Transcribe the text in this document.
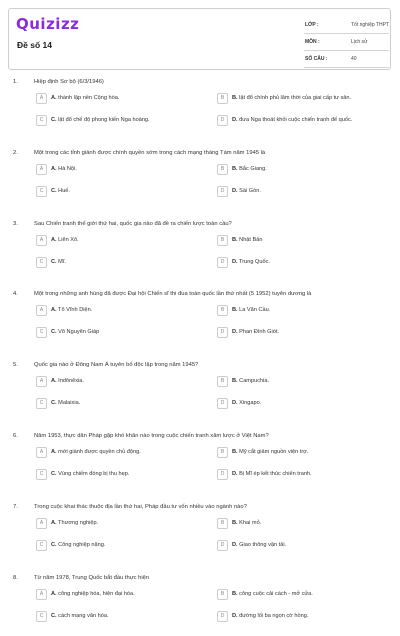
Quizizz
Đề số 14
LỚP :	Tốt nghiệp THPT
MÔN :	Lịch sử
SỐ CÂU :	40
1.	Hiệp định Sơ bộ (6/3/1946)
A	A. thành lập nền Cộng hòa.	B	B. lật đổ chính phủ lâm thời của giai cấp tư sản.
C	C. lật đổ chế độ phong kiến Nga hoàng.	D	D. đưa Nga thoát khỏi cuộc chiến tranh đế quốc.
2.	Một trong các tỉnh giành được chính quyền sớm trong cách mạng tháng Tám năm 1945 là
A	A. Hà Nội.	B	B. Bắc Giang.
C	C. Huế.	D	D. Sài Gòn.
3.	Sau Chiến tranh thế giới thứ hai, quốc gia nào đã đề ra chiến lược toàn cầu?
A	A. Liên Xô.	B	B. Nhật Bản
C	C. Mĩ.	D	D. Trung Quốc.
4.	Một trong những anh hùng đã được Đại hội Chiến sĩ thi đua toàn quốc lần thứ nhất (5 1952) tuyên dương là
A	A. Tô Vĩnh Diện.	B	B. La Văn Cầu.
C	C. Võ Nguyên Giáp	D	D. Phan Đình Giót.
5.	Quốc gia nào ở Đông Nam Á tuyên bố độc lập trong năm 1945?
A	A. Indônêxia.	B	B. Campuchia.
C	C. Malaixia.	D	D. Xingapo.
6.	Năm 1953, thực dân Pháp gặp khó khăn nào trong cuộc chiến tranh xâm lược ở Việt Nam?
A	A. mới giành được quyền chủ động.	B	B. Mỹ cắt giảm nguồn viện trợ.
C	C. Vùng chiếm đóng bị thu hẹp.	D	D. Bị Mĩ ép kết thúc chiến tranh.
7.	Trong cuộc khai thác thuộc địa lần thứ hai, Pháp đầu tư vốn nhiều vào ngành nào?
A	A. Thương nghiệp.	B	B. Khai mỏ.
C	C. Công nghiệp nặng.	D	D. Giao thông vận tải.
8.	Từ năm 1978, Trung Quốc bắt đầu thực hiện
A	A. công nghiệp hóa, hiện đại hóa.	B	B. công cuộc cải cách - mở cửa.
C	C. cách mạng văn hóa.	D	D. đường lối ba ngọn cờ hồng.
